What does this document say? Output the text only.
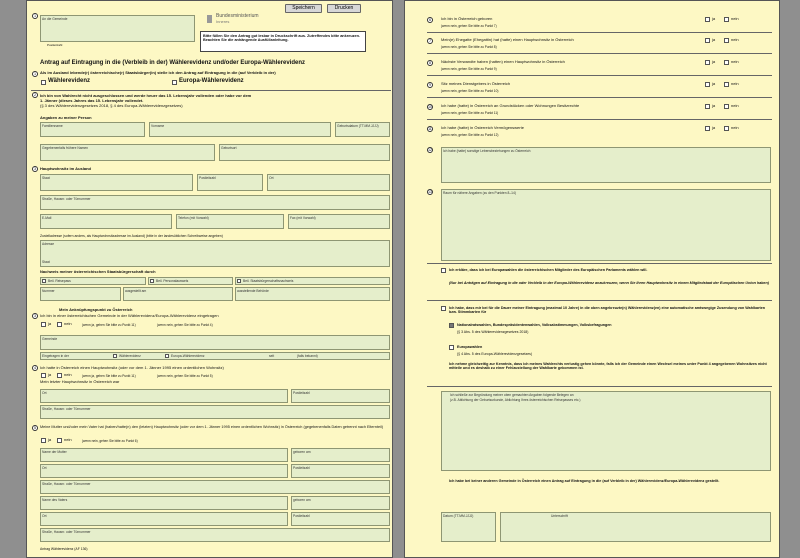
Speichern	Drucken
1
An die Gemeinde
Postleitzahl
Bundesministerium
Inneres
Bitte füllen Sie den Antrag gut lesbar in Druckschrift aus. Zutreffendes bitte ankreuzen. Beachten Sie die anhängende Ausfüllanleitung.
Antrag auf Eintragung in die (Verbleib in der) Wählerevidenz und/oder Europa-Wählerevidenz
1	Als im Ausland lebende(r) österreichische(r) Staatsbürger(in) stelle ich den Antrag auf Eintragung in die (auf Verbleib in der)
Wählerevidenz	Europa-Wählerevidenz
2	Ich bin von Wahlrecht nicht ausgeschlossen und werde heuer das 15. Lebensjahr vollenden oder habe vor dem
1. Jänner (dieses Jahres das 15. Lebensjahr vollendet.
(§ 3 des Wählerevidenzgesetzes 2018, § 4 des Europa-Wählerevidenzgesetzes)
Angaben zu meiner Person
Familienname	Vorname	Geburtsdatum (TT.MM.JJJJ)
Gegebenenfalls frühere Namen	Geburtsort
3	Hauptwohnsitz im Ausland
Staat	Postleitzahl	Ort
Straße, Hausnr. oder Türnummer
E-Mail	Telefon (mit Vorwahl)	Fax (mit Vorwahl)
Zustelladresse (sofern anders, als Hauptwohnsitzadresse im Ausland) (bitte in der landesüblichen Schreibweise angeben)
Adresse
Staat
Nachweis meiner österreichischen Staatsbürgerschaft durch
Beil. Reisepass	Beil. Personalausweis	Beil. Staatsbürgerschaftsnachweis
Nummer	ausgestellt am	ausstellende Behörde
Mein Anknüpfungspunkt zu Österreich
3	Ich bin in einer österreichischen Gemeinde in der Wählerevidenz/Europa-Wählerevidenz eingetragen
ja	nein	(wenn ja, gehen Sie bitte zu Punkt 11)	(wenn nein, gehen Sie bitte zu Punkt 4)
Gemeinde
Eingetragen in der	Wählerevidenz	Europa-Wählerevidenz	seit	(falls bekannt)
4	Ich hatte in Österreich einen Hauptwohnsitz (oder vor dem 1. Jänner 1995 einen ordentlichen Wohnsitz)
ja	nein	(wenn ja, gehen Sie bitte zu Punkt 11)	(wenn nein, gehen Sie bitte zu Punkt 5)
Mein letzter Hauptwohnsitz in Österreich war
Ort	Postleitzahl
Straße, Hausnr. oder Türnummer
5	Meine Mutter und/oder mein Vater hat (haben/hatte(n) den (letzten) Hauptwohnsitz (oder vor dem 1. Jänner 1995 einen ordentlichen Wohnsitz) in Österreich (gegebenenfalls Daten getrennt nach Elternteil)
ja	nein	(wenn nein, gehen Sie bitte zu Punkt 6)
Name der Mutter	geboren am
Ort	Postleitzahl
Straße, Hausnr. oder Türnummer
Name des Vaters	geboren am
Ort	Postleitzahl
Straße, Hausnr. oder Türnummer
Antrag Wählerevidenz (AF 136)
6	Ich bin in Österreich geboren
(wenn nein, gehen Sie bitte zu Punkt 7)
ja	nein
7	Mein(e) Ehegatte (Ehegattin) hat (hatte) einen Hauptwohnsitz in Österreich
(wenn nein, gehen Sie bitte zu Punkt 8)
ja	nein
8	Nächste Verwandte haben (hatten) einen Hauptwohnsitz in Österreich
(wenn nein, gehen Sie bitte zu Punkt 9)
ja	nein
9	Sitz meines Dienstgebers in Österreich
(wenn nein, gehen Sie bitte zu Punkt 10)
ja	nein
10 Ich habe (hatte) in Österreich an Grundstücken oder Wohnungen Besitzrechte
(wenn nein, gehen Sie bitte zu Punkt 11)
ja	nein
11	Ich habe (hatte) in Österreich Vermögenswerte
(wenn nein, gehen Sie bitte zu Punkt 12)
ja	nein
12	Ich habe (hatte) sonstige Lebensbeziehungen zu Österreich
13	Raum für nähere Angaben (zu den Punkten 8–14)
Ich erkläre, dass ich bei Europawahlen die österreichischen Mitglieder des Europäischen Parlaments wählen will.
(Nur bei Anträgen auf Eintragung in die oder Verbleib in der Europa-Wählerevidenz anzukreuzen, wenn Sie Ihren Hauptwohnsitz in einem Mitgliedstaat der Europäischen Union haben)
Ich habe, dass mir bei für die Dauer meiner Eintragung (maximal 10 Jahre) in die oben angekreuzte(n) Wählerevidenz(en) eine automatische amtswegige Zusendung von Wahlkarten bzw. Stimmkarten für
Nationalratswahlen, Bundespräsidentenwahlen, Volksabstimmungen, Volksbefragungen
(§ 3 Abs. 5 des Wählerevidenzgesetzes 2018)
Europawahlen
(§ 4 Abs. 5 des Europa-Wählerevidenzgesetzes)
Ich nehme gleichzeitig zur Kenntnis, dass ich meines Wahlrechts verlustig gehen könnte, falls ich der Gemeinde einen Wechsel meines unter Punkt 4 angegebenen Wohnsitzes nicht mitteile und es deshalb zu einer Fehlzustellung der Wahlkarte gekommen ist.
Ich schließe zur Begründung meiner oben gemachten Angaben folgende Belegen an
(z.B. Ablichtung der Geburtsurkunde, Ablichtung Ihres österreichischen Reisepasses etc.)
Ich habe bei keiner anderen Gemeinde in Österreich einen Antrag auf Eintragung in die (auf Verbleib in der) Wählerevidenz/Europa-Wählerevidenz gestellt.
Datum (TT.MM.JJJJ)	Unterschrift
